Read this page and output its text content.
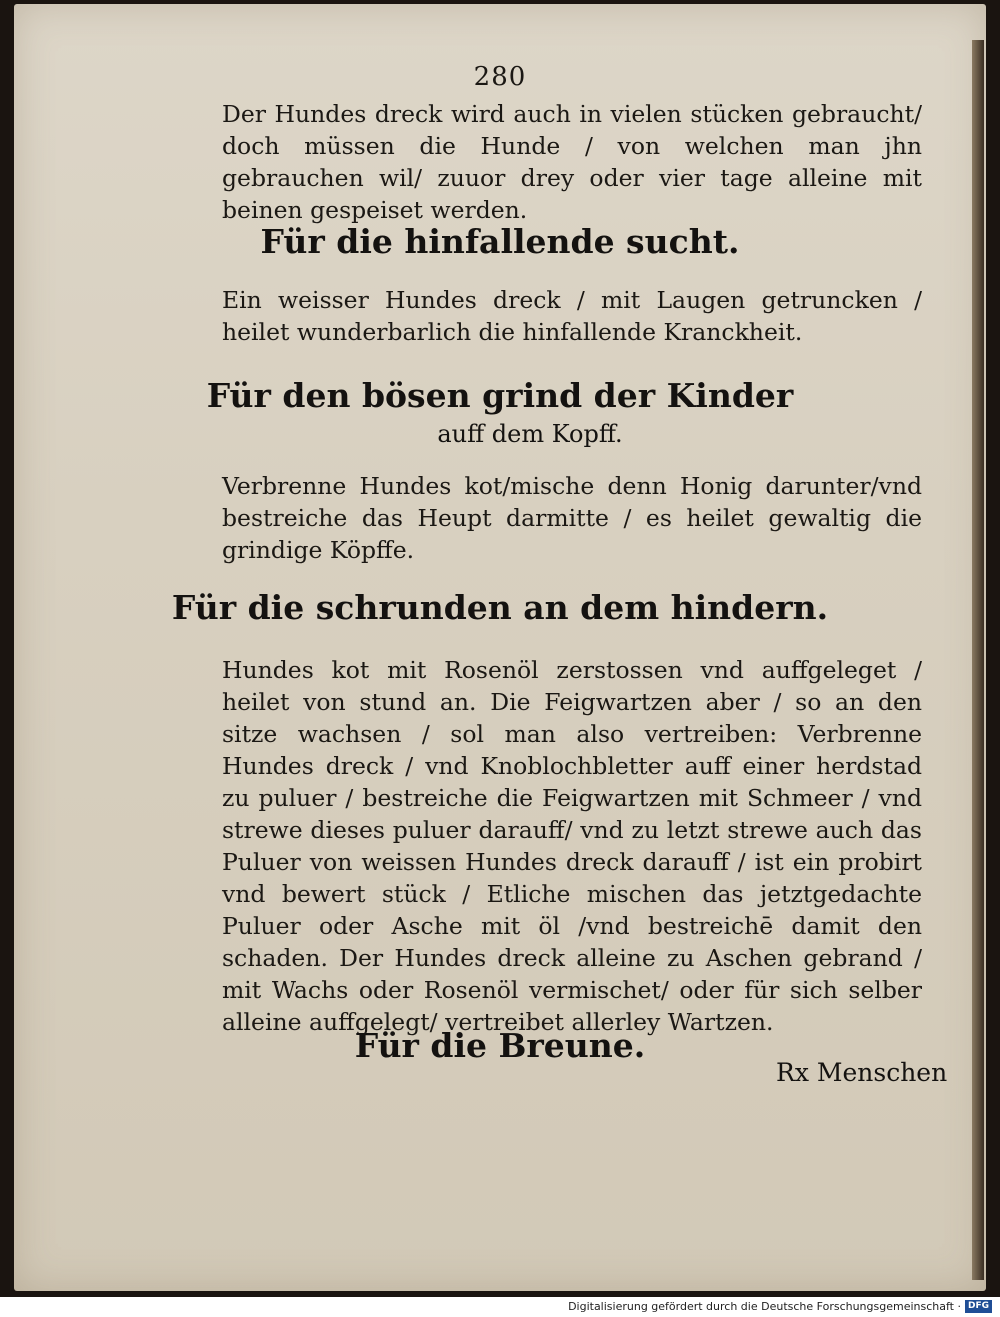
280
Der Hundes dreck wird auch in vielen stücken gebraucht/ doch müssen die Hunde / von welchen man jhn gebrauchen wil/ zuuor drey oder vier tage alleine mit beinen gespeiset werden.
Für die hinfallende sucht.
Ein weisser Hundes dreck / mit Laugen getruncken / heilet wunderbarlich die hinfallende Kranckheit.
Für den bösen grind der Kinder
auff dem Kopff.
Verbrenne Hundes kot/mische denn Honig darunter/vnd bestreiche das Heupt darmitte / es heilet gewaltig die grindige Köpffe.
Für die schrunden an dem hindern.
Hundes kot mit Rosenöl zerstossen vnd auffgeleget / heilet von stund an. Die Feigwartzen aber / so an den sitze wachsen / sol man also vertreiben: Verbrenne Hundes dreck / vnd Knoblochbletter auff einer herdstad zu puluer / bestreiche die Feigwartzen mit Schmeer / vnd strewe dieses puluer darauff/ vnd zu letzt strewe auch das Puluer von weissen Hundes dreck darauff / ist ein probirt vnd bewert stück / Etliche mischen das jetztgedachte Puluer oder Asche mit öl /vnd bestreichē damit den schaden. Der Hundes dreck alleine zu Aschen gebrand / mit Wachs oder Rosenöl vermischet/ oder für sich selber alleine auffgelegt/ vertreibet allerley Wartzen.
Für die Breune.
Rx Menschen
Digitalisierung gefördert durch die Deutsche Forschungsgemeinschaft · DFG
